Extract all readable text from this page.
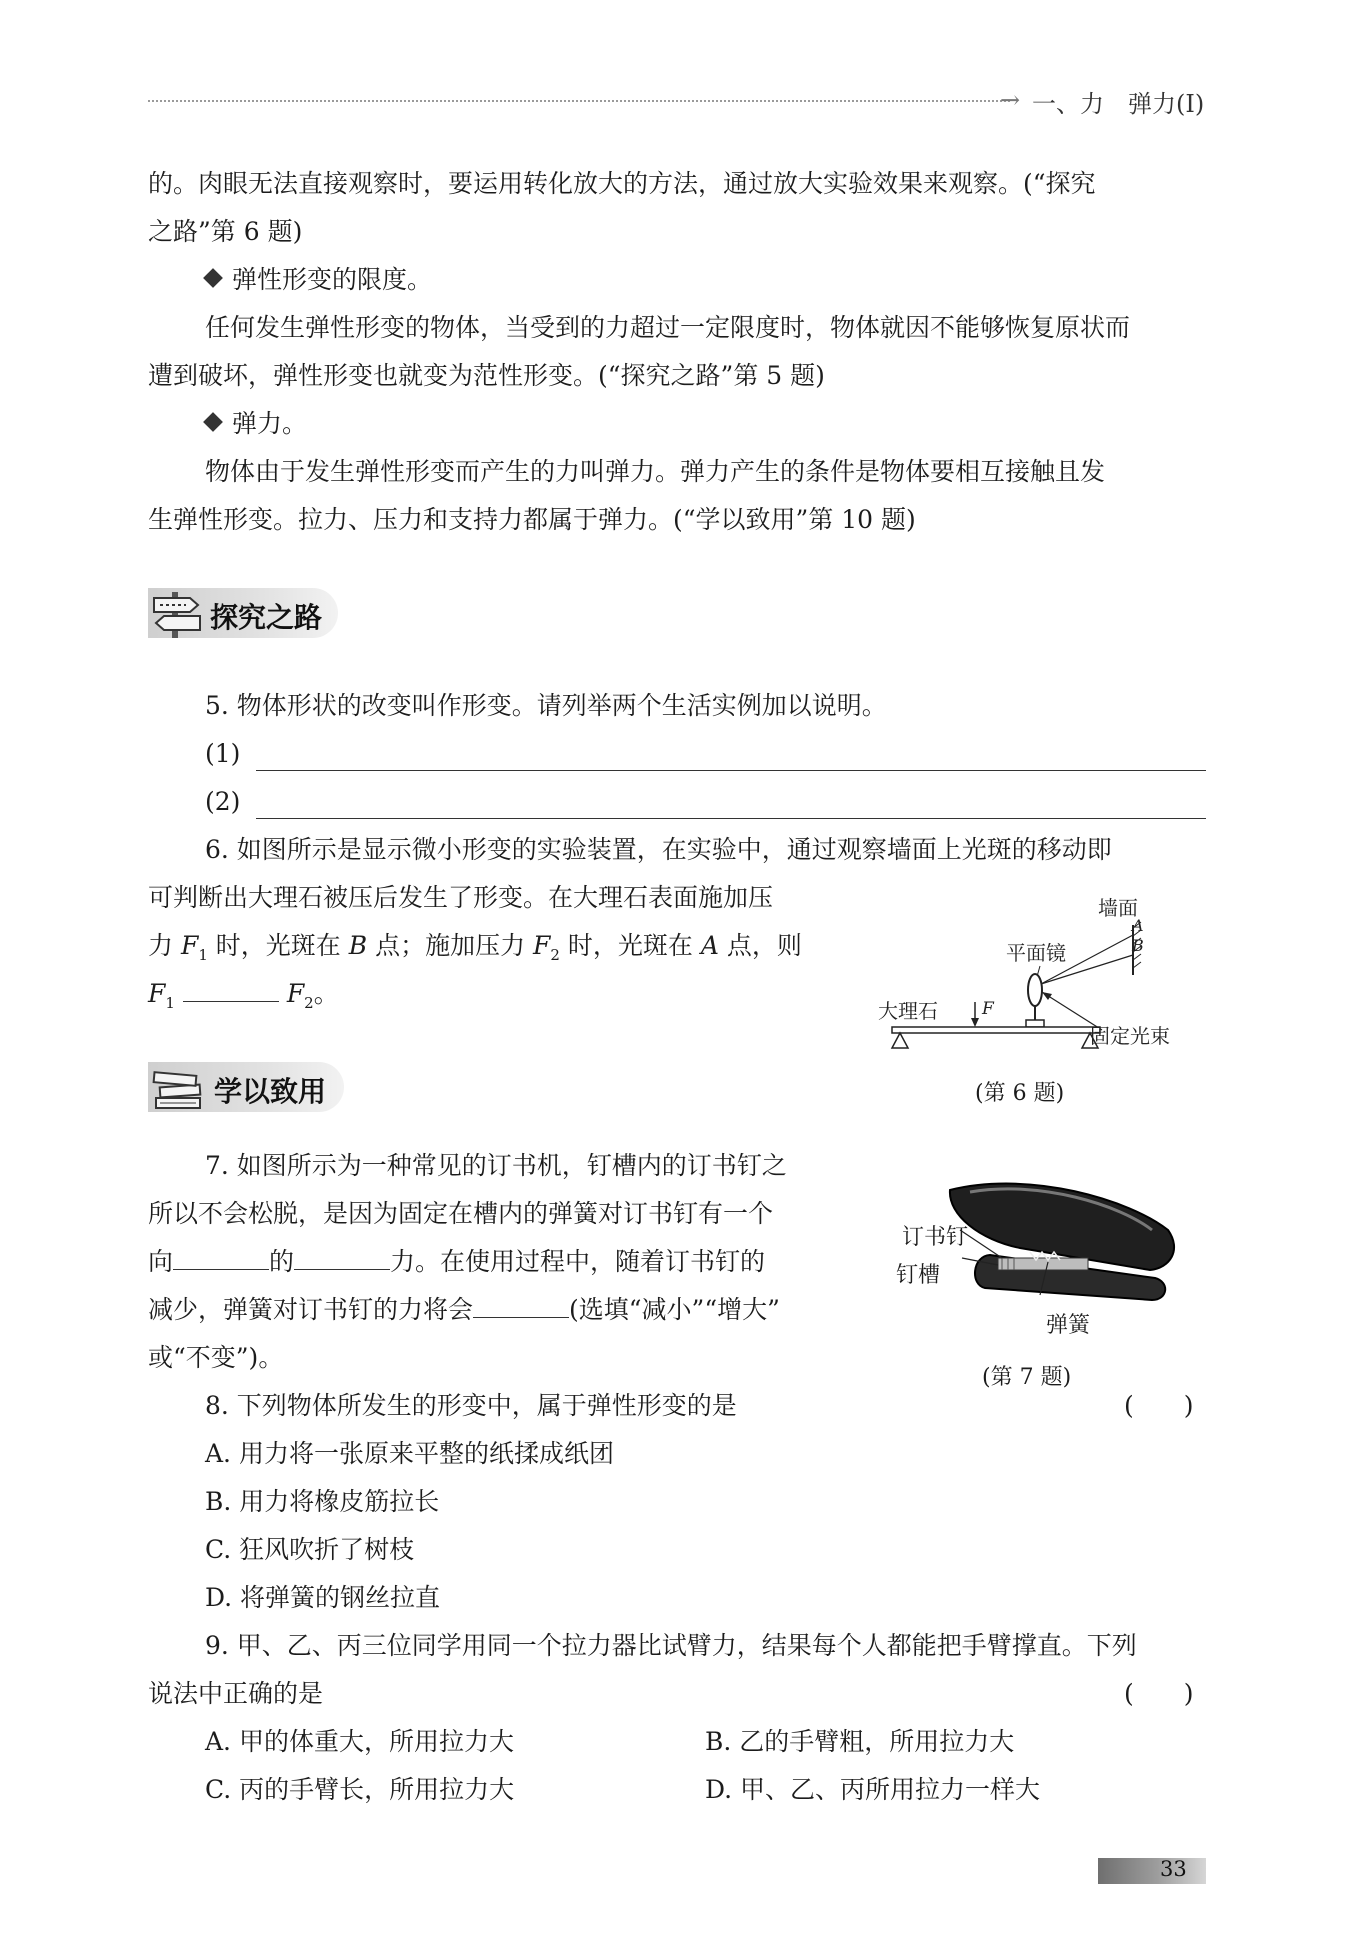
→ 一、力　弹力(Ⅰ)
的。肉眼无法直接观察时，要运用转化放大的方法，通过放大实验效果来观察。(“探究
之路”第 6 题)
弹性形变的限度。
任何发生弹性形变的物体，当受到的力超过一定限度时，物体就因不能够恢复原状而
遭到破坏，弹性形变也就变为范性形变。(“探究之路”第 5 题)
弹力。
物体由于发生弹性形变而产生的力叫弹力。弹力产生的条件是物体要相互接触且发
生弹性形变。拉力、压力和支持力都属于弹力。(“学以致用”第 10 题)
探究之路
5. 物体形状的改变叫作形变。请列举两个生活实例加以说明。
(1)
(2)
6. 如图所示是显示微小形变的实验装置，在实验中，通过观察墙面上光斑的移动即
可判断出大理石被压后发生了形变。在大理石表面施加压
力 $F_1$ 时，光斑在 B 点；施加压力 $F_2$ 时，光斑在 A 点，则
$F_1$	$F_2$。
墙面
A
B
平面镜
F
大理石
固定光束
(第 6 题)
学以致用
7. 如图所示为一种常见的订书机，钉槽内的订书钉之
所以不会松脱，是因为固定在槽内的弹簧对订书钉有一个
向	的	力。在使用过程中，随着订书钉的
减少，弹簧对订书钉的力将会	(选填“减小”“增大”
或“不变”)。
订书钉
钉槽
弹簧
(第 7 题)
8. 下列物体所发生的形变中，属于弹性形变的是	(　　)
A. 用力将一张原来平整的纸揉成纸团
B. 用力将橡皮筋拉长
C. 狂风吹折了树枝
D. 将弹簧的钢丝拉直
9. 甲、乙、丙三位同学用同一个拉力器比试臂力，结果每个人都能把手臂撑直。下列
说法中正确的是	(　　)
A. 甲的体重大，所用拉力大	B. 乙的手臂粗，所用拉力大
C. 丙的手臂长，所用拉力大	D. 甲、乙、丙所用拉力一样大
33
